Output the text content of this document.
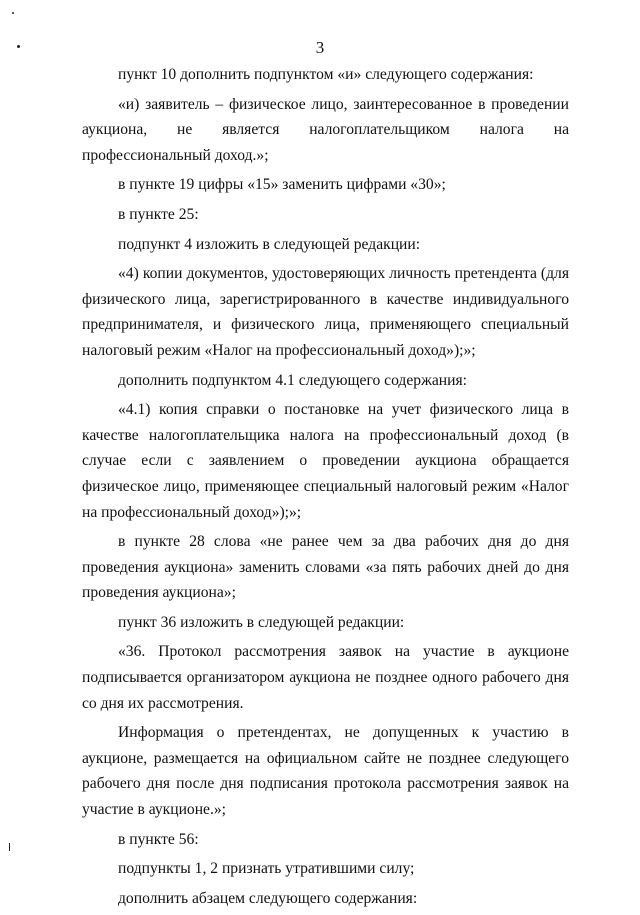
3

пункт 10 дополнить подпунктом «и» следующего содержания:

«и) заявитель – физическое лицо, заинтересованное в проведении аукциона, не является налогоплательщиком налога на профессиональный доход.»;

в пункте 19 цифры «15» заменить цифрами «30»;

в пункте 25:

подпункт 4 изложить в следующей редакции:

«4) копии документов, удостоверяющих личность претендента (для физического лица, зарегистрированного в качестве индивидуального предпринимателя, и физического лица, применяющего специальный налоговый режим «Налог на профессиональный доход»);»;

дополнить подпунктом 4.1 следующего содержания:

«4.1) копия справки о постановке на учет физического лица в качестве налогоплательщика налога на профессиональный доход (в случае если с заявлением о проведении аукциона обращается физическое лицо, применяющее специальный налоговый режим «Налог на профессиональный доход»);»;

в пункте 28 слова «не ранее чем за два рабочих дня до дня проведения аукциона» заменить словами «за пять рабочих дней до дня проведения аукциона»;

пункт 36 изложить в следующей редакции:

«36. Протокол рассмотрения заявок на участие в аукционе подписывается организатором аукциона не позднее одного рабочего дня со дня их рассмотрения.

Информация о претендентах, не допущенных к участию в аукционе, размещается на официальном сайте не позднее следующего рабочего дня после дня подписания протокола рассмотрения заявок на участие в аукционе.»;

в пункте 56:

подпункты 1, 2 признать утратившими силу;

дополнить абзацем следующего содержания:
